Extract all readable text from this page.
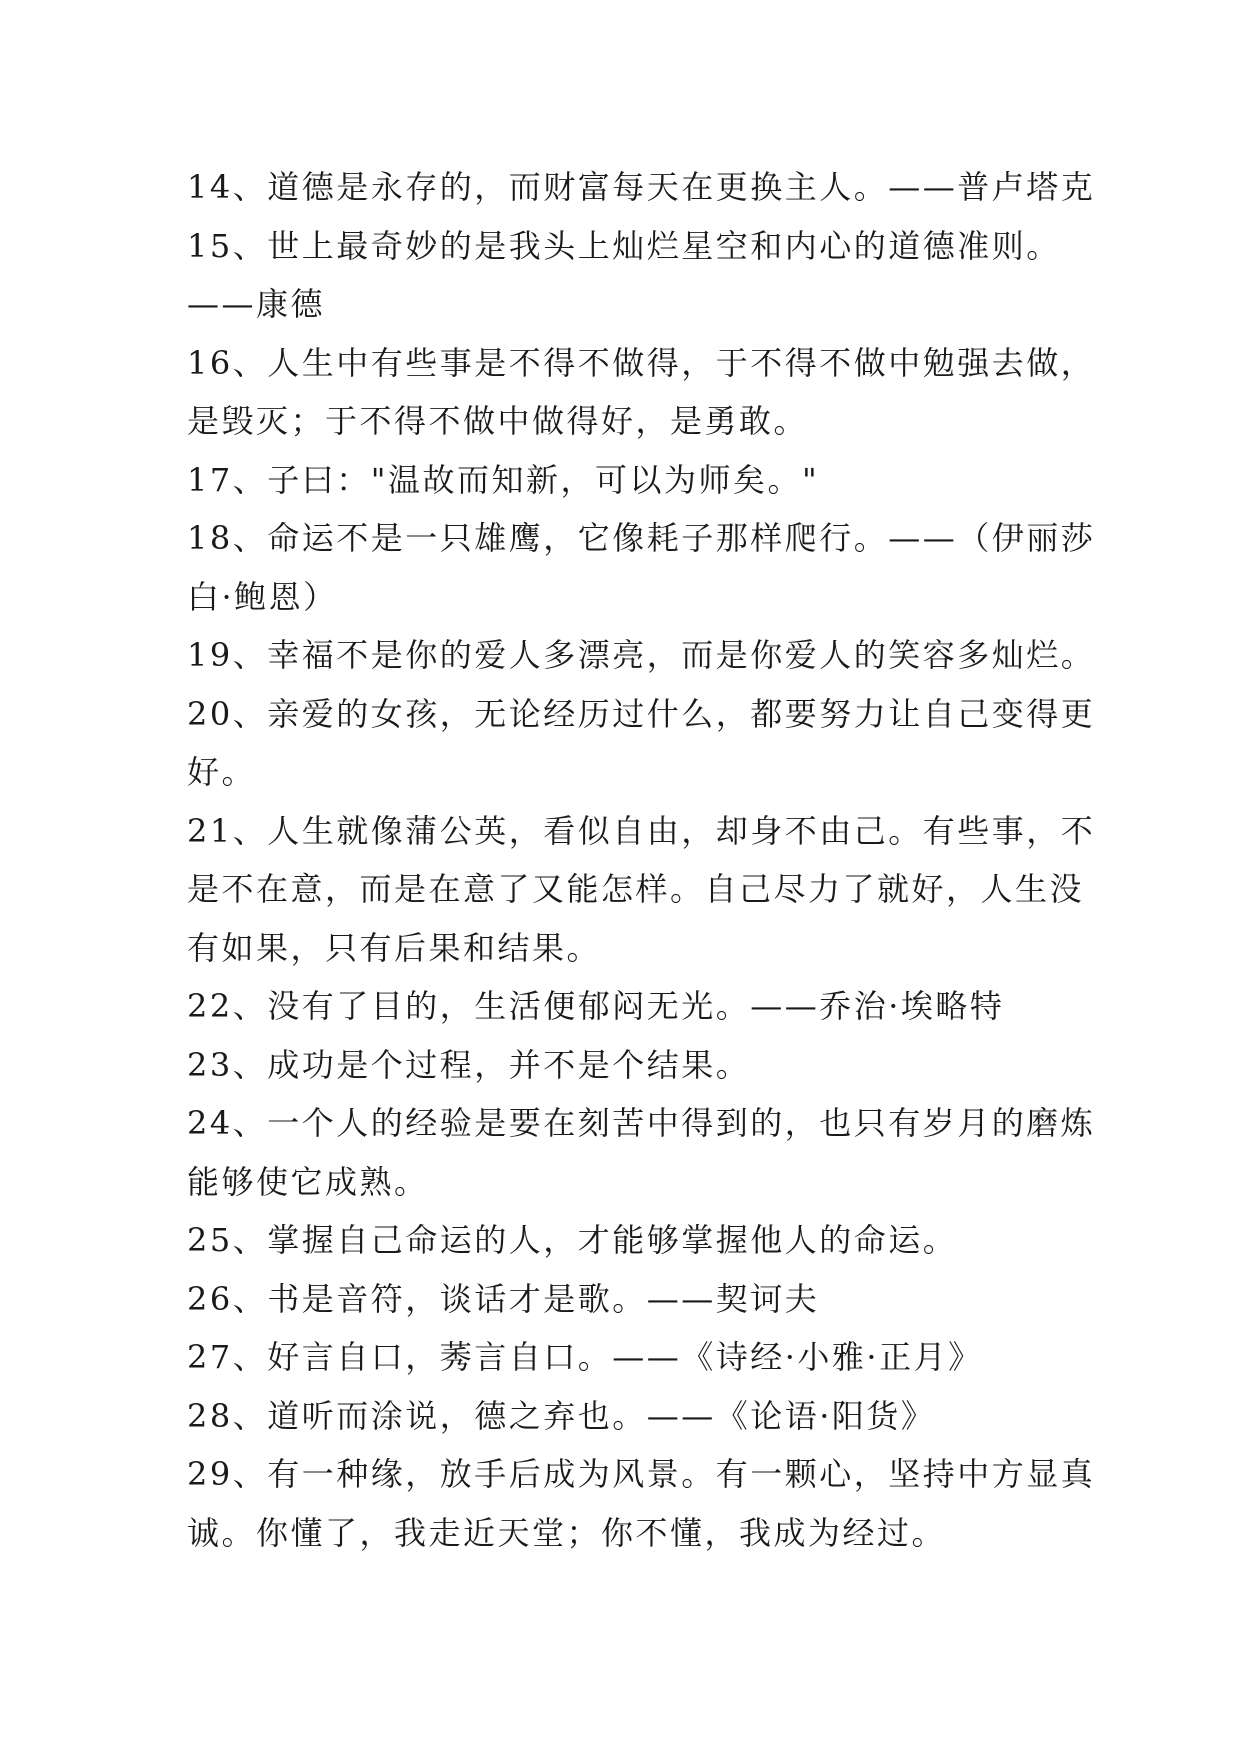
14、道德是永存的，而财富每天在更换主人。——普卢塔克
15、世上最奇妙的是我头上灿烂星空和内心的道德准则。
——康德
16、人生中有些事是不得不做得，于不得不做中勉强去做，
是毁灭；于不得不做中做得好，是勇敢。
17、子曰："温故而知新，可以为师矣。"
18、命运不是一只雄鹰，它像耗子那样爬行。——（伊丽莎
白·鲍恩）
19、幸福不是你的爱人多漂亮，而是你爱人的笑容多灿烂。
20、亲爱的女孩，无论经历过什么，都要努力让自己变得更
好。
21、人生就像蒲公英，看似自由，却身不由己。有些事，不
是不在意，而是在意了又能怎样。自己尽力了就好，人生没
有如果，只有后果和结果。
22、没有了目的，生活便郁闷无光。——乔治·埃略特
23、成功是个过程，并不是个结果。
24、一个人的经验是要在刻苦中得到的，也只有岁月的磨炼
能够使它成熟。
25、掌握自己命运的人，才能够掌握他人的命运。
26、书是音符，谈话才是歌。——契诃夫
27、好言自口，莠言自口。——《诗经·小雅·正月》
28、道听而涂说，德之弃也。——《论语·阳货》
29、有一种缘，放手后成为风景。有一颗心，坚持中方显真
诚。你懂了，我走近天堂；你不懂，我成为经过。
